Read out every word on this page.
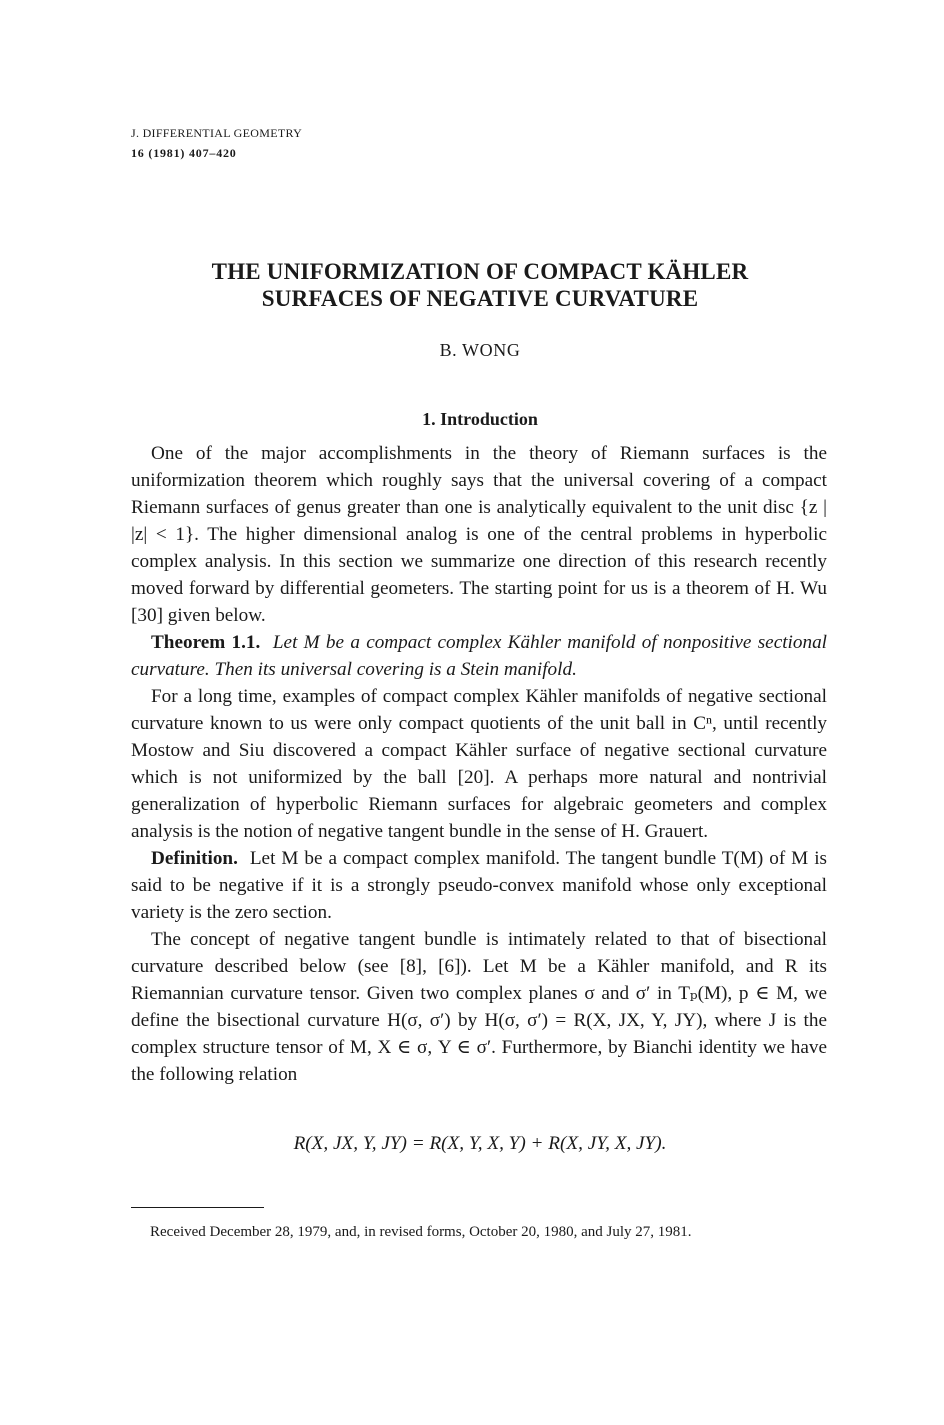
J. DIFFERENTIAL GEOMETRY
16 (1981) 407–420
THE UNIFORMIZATION OF COMPACT KÄHLER
SURFACES OF NEGATIVE CURVATURE
B. WONG
1. Introduction

One of the major accomplishments in the theory of Riemann surfaces is the uniformization theorem which roughly says that the universal covering of a compact Riemann surfaces of genus greater than one is analytically equivalent to the unit disc {z | |z| < 1}. The higher dimensional analog is one of the central problems in hyperbolic complex analysis. In this section we summarize one direction of this research recently moved forward by differential geometers. The starting point for us is a theorem of H. Wu [30] given below.

Theorem 1.1. Let M be a compact complex Kähler manifold of nonpositive sectional curvature. Then its universal covering is a Stein manifold.

For a long time, examples of compact complex Kähler manifolds of negative sectional curvature known to us were only compact quotients of the unit ball in Cⁿ, until recently Mostow and Siu discovered a compact Kähler surface of negative sectional curvature which is not uniformized by the ball [20]. A perhaps more natural and nontrivial generalization of hyperbolic Riemann surfaces for algebraic geometers and complex analysis is the notion of negative tangent bundle in the sense of H. Grauert.

Definition. Let M be a compact complex manifold. The tangent bundle T(M) of M is said to be negative if it is a strongly pseudo-convex manifold whose only exceptional variety is the zero section.

The concept of negative tangent bundle is intimately related to that of bisectional curvature described below (see [8], [6]). Let M be a Kähler manifold, and R its Riemannian curvature tensor. Given two complex planes σ and σ′ in Tₚ(M), p ∈ M, we define the bisectional curvature H(σ, σ′) by H(σ, σ′) = R(X, JX, Y, JY), where J is the complex structure tensor of M, X ∈ σ, Y ∈ σ′. Furthermore, by Bianchi identity we have the following relation

R(X, JX, Y, JY) = R(X, Y, X, Y) + R(X, JY, X, JY).
Received December 28, 1979, and, in revised forms, October 20, 1980, and July 27, 1981.
